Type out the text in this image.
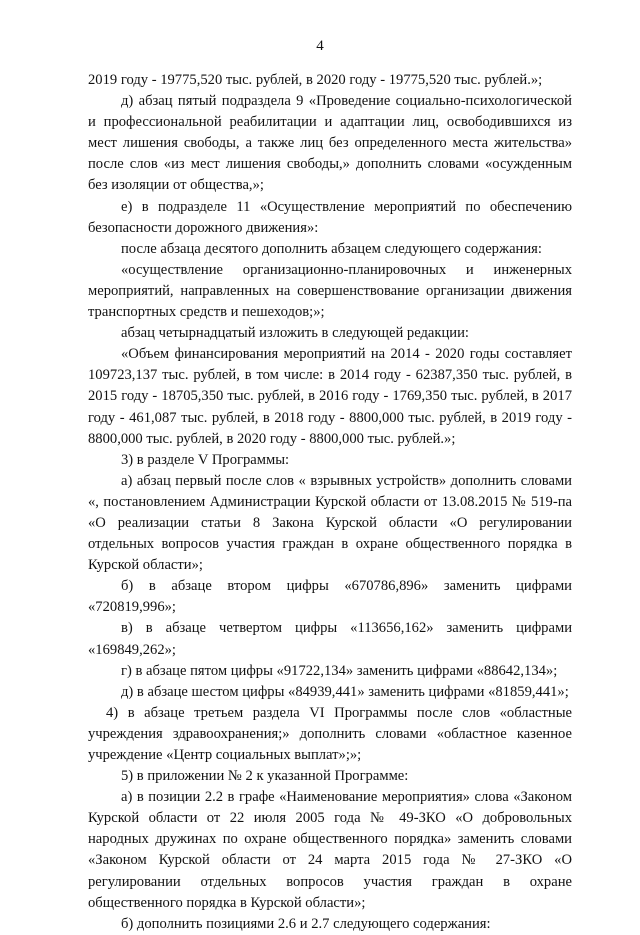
4

2019 году - 19775,520 тыс. рублей, в 2020 году - 19775,520 тыс. рублей.»;

д) абзац пятый подраздела 9 «Проведение социально-психологической и профессиональной реабилитации и адаптации лиц, освободившихся из мест лишения свободы, а также лиц без определенного места жительства» после слов «из мест лишения свободы,» дополнить словами «осужденным без изоляции от общества,»;

е) в подразделе 11 «Осуществление мероприятий по обеспечению безопасности дорожного движения»:

после абзаца десятого дополнить абзацем следующего содержания:

«осуществление организационно-планировочных и инженерных мероприятий, направленных на совершенствование организации движения транспортных средств и пешеходов;»;

абзац четырнадцатый изложить в следующей редакции:

«Объем финансирования мероприятий на 2014 - 2020 годы составляет 109723,137 тыс. рублей, в том числе: в 2014 году - 62387,350 тыс. рублей, в 2015 году - 18705,350 тыс. рублей, в 2016 году - 1769,350 тыс. рублей, в 2017 году - 461,087 тыс. рублей, в 2018 году - 8800,000 тыс. рублей, в 2019 году - 8800,000 тыс. рублей, в 2020 году - 8800,000 тыс. рублей.»;

3) в разделе V Программы:

а) абзац первый после слов « взрывных устройств» дополнить словами «, постановлением Администрации Курской области от 13.08.2015 № 519-па «О реализации статьи 8 Закона Курской области «О регулировании отдельных вопросов участия граждан в охране общественного порядка в Курской области»;

б) в абзаце втором цифры «670786,896» заменить цифрами «720819,996»;

в) в абзаце четвертом цифры «113656,162» заменить цифрами «169849,262»;

г) в абзаце пятом цифры «91722,134» заменить цифрами «88642,134»;

д) в абзаце шестом цифры «84939,441» заменить цифрами «81859,441»;

4) в абзаце третьем раздела VI Программы после слов «областные учреждения здравоохранения;» дополнить словами «областное казенное учреждение «Центр социальных выплат»;»;

5) в приложении № 2 к указанной Программе:

а) в позиции 2.2 в графе «Наименование мероприятия» слова «Законом Курской области от 22 июля 2005 года № 49-ЗКО «О добровольных народных дружинах по охране общественного порядка» заменить словами «Законом Курской области от 24 марта 2015 года № 27-ЗКО «О регулировании отдельных вопросов участия граждан в охране общественного порядка в Курской области»;

б) дополнить позициями 2.6 и 2.7 следующего содержания:
